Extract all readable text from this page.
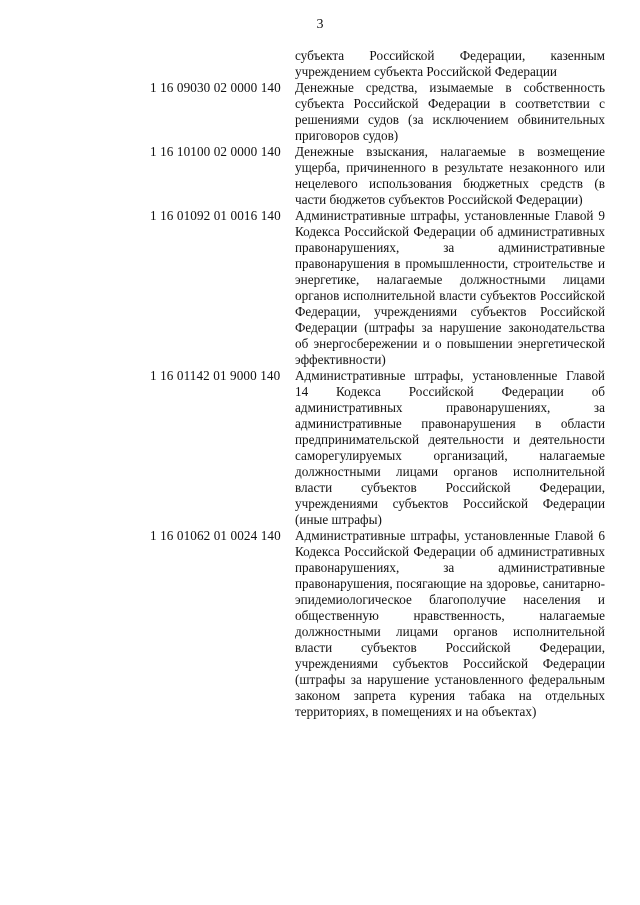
3
субъекта Российской Федерации, казенным учреждением субъекта Российской Федерации
1 16 09030 02 0000 140	Денежные средства, изымаемые в собственность субъекта Российской Федерации в соответствии с решениями судов (за исключением обвинительных приговоров судов)
1 16 10100 02 0000 140	Денежные взыскания, налагаемые в возмещение ущерба, причиненного в результате незаконного или нецелевого использования бюджетных средств (в части бюджетов субъектов Российской Федерации)
1 16 01092 01 0016 140	Административные штрафы, установленные Главой 9 Кодекса Российской Федерации об административных правонарушениях, за административные правонарушения в промышленности, строительстве и энергетике, налагаемые должностными лицами органов исполнительной власти субъектов Российской Федерации, учреждениями субъектов Российской Федерации (штрафы за нарушение законодательства об энергосбережении и о повышении энергетической эффективности)
1 16 01142 01 9000 140	Административные штрафы, установленные Главой 14 Кодекса Российской Федерации об административных правонарушениях, за административные правонарушения в области предпринимательской деятельности и деятельности саморегулируемых организаций, налагаемые должностными лицами органов исполнительной власти субъектов Российской Федерации, учреждениями субъектов Российской Федерации (иные штрафы)
1 16 01062 01 0024 140	Административные штрафы, установленные Главой 6 Кодекса Российской Федерации об административных правонарушениях, за административные правонарушения, посягающие на здоровье, санитарно-эпидемиологическое благополучие населения и общественную нравственность, налагаемые должностными лицами органов исполнительной власти субъектов Российской Федерации, учреждениями субъектов Российской Федерации (штрафы за нарушение установленного федеральным законом запрета курения табака на отдельных территориях, в помещениях и на объектах)
